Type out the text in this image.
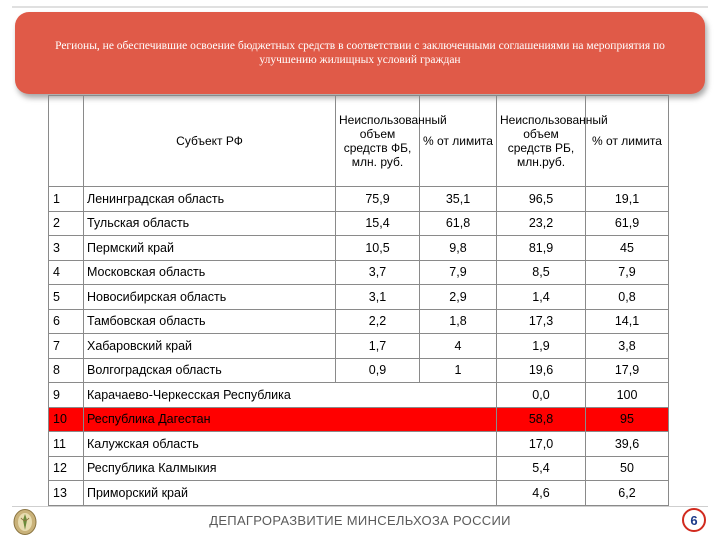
Регионы, не обеспечившие освоение бюджетных средств в соответствии с заключенными соглашениями на мероприятия по улучшению жилищных условий граждан
	Субъект РФ	Неиспользованный объем средств ФБ, млн. руб.	% от лимита	Неиспользованный объем средств РБ, млн.руб.	% от лимита
1	Ленинградская область	75,9	35,1	96,5	19,1
2	Тульская область	15,4	61,8	23,2	61,9
3	Пермский край	10,5	9,8	81,9	45
4	Московская область	3,7	7,9	8,5	7,9
5	Новосибирская область	3,1	2,9	1,4	0,8
6	Тамбовская область	2,2	1,8	17,3	14,1
7	Хабаровский край	1,7	4	1,9	3,8
8	Волгоградская область	0,9	1	19,6	17,9
9	Карачаево-Черкесская Республика			0,0	100
10	Республика Дагестан			58,8	95
11	Калужская область			17,0	39,6
12	Республика Калмыкия			5,4	50
13	Приморский край			4,6	6,2
ДЕПАГРОРАЗВИТИЕ МИНСЕЛЬХОЗА РОССИИ	6
